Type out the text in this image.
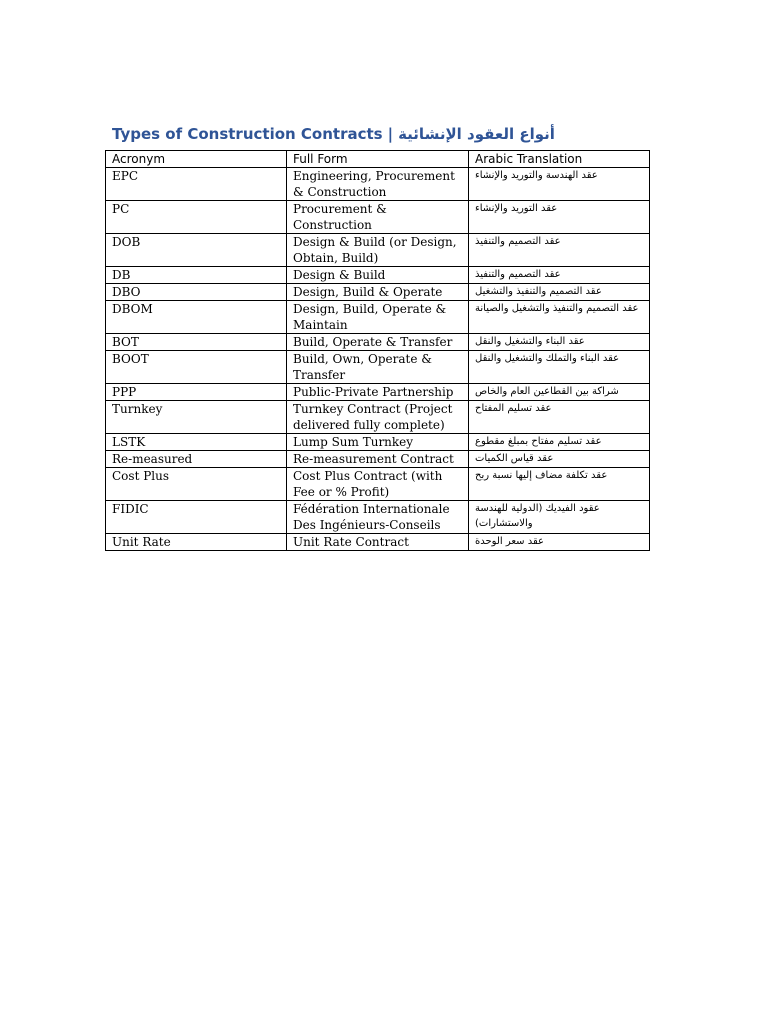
Types of Construction Contracts | أنواع العقود الإنشائية
Acronym	Full Form	Arabic Translation
EPC	Engineering, Procurement & Construction	عقد الهندسة والتوريد والإنشاء
PC	Procurement & Construction	عقد التوريد والإنشاء
DOB	Design & Build (or Design, Obtain, Build)	عقد التصميم والتنفيذ
DB	Design & Build	عقد التصميم والتنفيذ
DBO	Design, Build & Operate	عقد التصميم والتنفيذ والتشغيل
DBOM	Design, Build, Operate & Maintain	عقد التصميم والتنفيذ والتشغيل والصيانة
BOT	Build, Operate & Transfer	عقد البناء والتشغيل والنقل
BOOT	Build, Own, Operate & Transfer	عقد البناء والتملك والتشغيل والنقل
PPP	Public-Private Partnership	شراكة بين القطاعين العام والخاص
Turnkey	Turnkey Contract (Project delivered fully complete)	عقد تسليم المفتاح
LSTK	Lump Sum Turnkey	عقد تسليم مفتاح بمبلغ مقطوع
Re-measured	Re-measurement Contract	عقد قياس الكميات
Cost Plus	Cost Plus Contract (with Fee or % Profit)	عقد تكلفة مضاف إليها نسبة ربح
FIDIC	Fédération Internationale Des Ingénieurs-Conseils	عقود الفيديك (الدولية للهندسة والاستشارات)
Unit Rate	Unit Rate Contract	عقد سعر الوحدة
